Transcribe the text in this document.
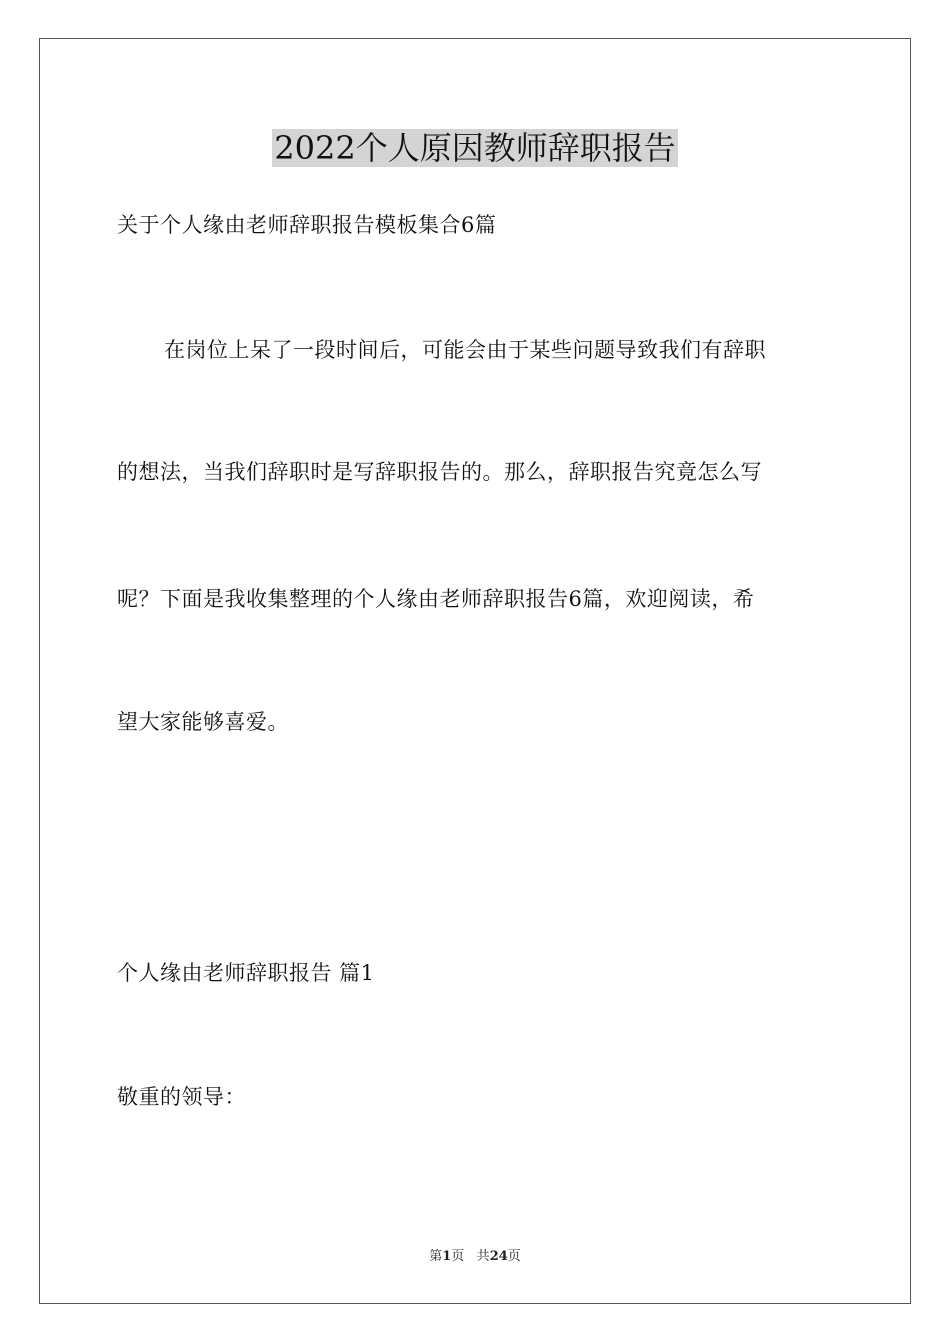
2022个人原因教师辞职报告
关于个人缘由老师辞职报告模板集合6篇
在岗位上呆了一段时间后，可能会由于某些问题导致我们有辞职
的想法，当我们辞职时是写辞职报告的。那么，辞职报告究竟怎么写
呢？下面是我收集整理的个人缘由老师辞职报告6篇，欢迎阅读，希
望大家能够喜爱。
个人缘由老师辞职报告 篇1
敬重的领导：
第1页 共24页
